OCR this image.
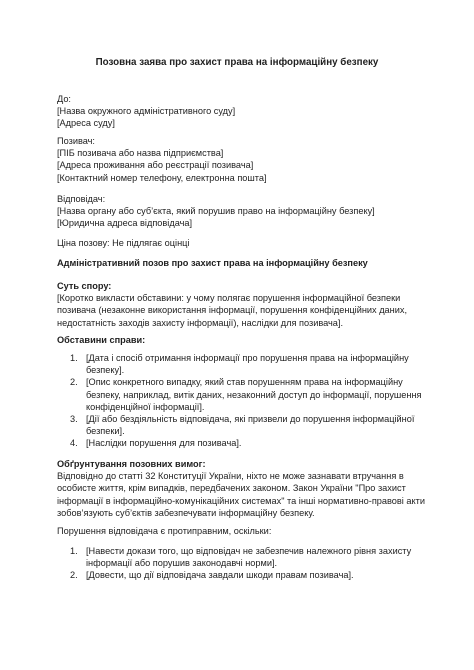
Позовна заява про захист права на інформаційну безпеку
До:
[Назва окружного адміністративного суду]
[Адреса суду]
Позивач:
[ПІБ позивача або назва підприємства]
[Адреса проживання або реєстрації позивача]
[Контактний номер телефону, електронна пошта]
Відповідач:
[Назва органу або суб’єкта, який порушив право на інформаційну безпеку]
[Юридична адреса відповідача]
Ціна позову: Не підлягає оцінці
Адміністративний позов про захист права на інформаційну безпеку
Суть спору:
[Коротко викласти обставини: у чому полягає порушення інформаційної безпеки
позивача (незаконне використання інформації, порушення конфіденційних даних,
недостатність заходів захисту інформації), наслідки для позивача].
Обставини справи:
1. [Дата і спосіб отримання інформації про порушення права на інформаційну
безпеку].
2. [Опис конкретного випадку, який став порушенням права на інформаційну
безпеку, наприклад, витік даних, незаконний доступ до інформації, порушення
конфіденційної інформації].
3. [Дії або бездіяльність відповідача, які призвели до порушення інформаційної
безпеки].
4. [Наслідки порушення для позивача].
Обґрунтування позовних вимог:
Відповідно до статті 32 Конституції України, ніхто не може зазнавати втручання в
особисте життя, крім випадків, передбачених законом. Закон України "Про захист
інформації в інформаційно-комунікаційних системах" та інші нормативно-правові акти
зобов’язують суб’єктів забезпечувати інформаційну безпеку.
Порушення відповідача є протиправним, оскільки:
1. [Навести докази того, що відповідач не забезпечив належного рівня захисту
інформації або порушив законодавчі норми].
2. [Довести, що дії відповідача завдали шкоди правам позивача].
